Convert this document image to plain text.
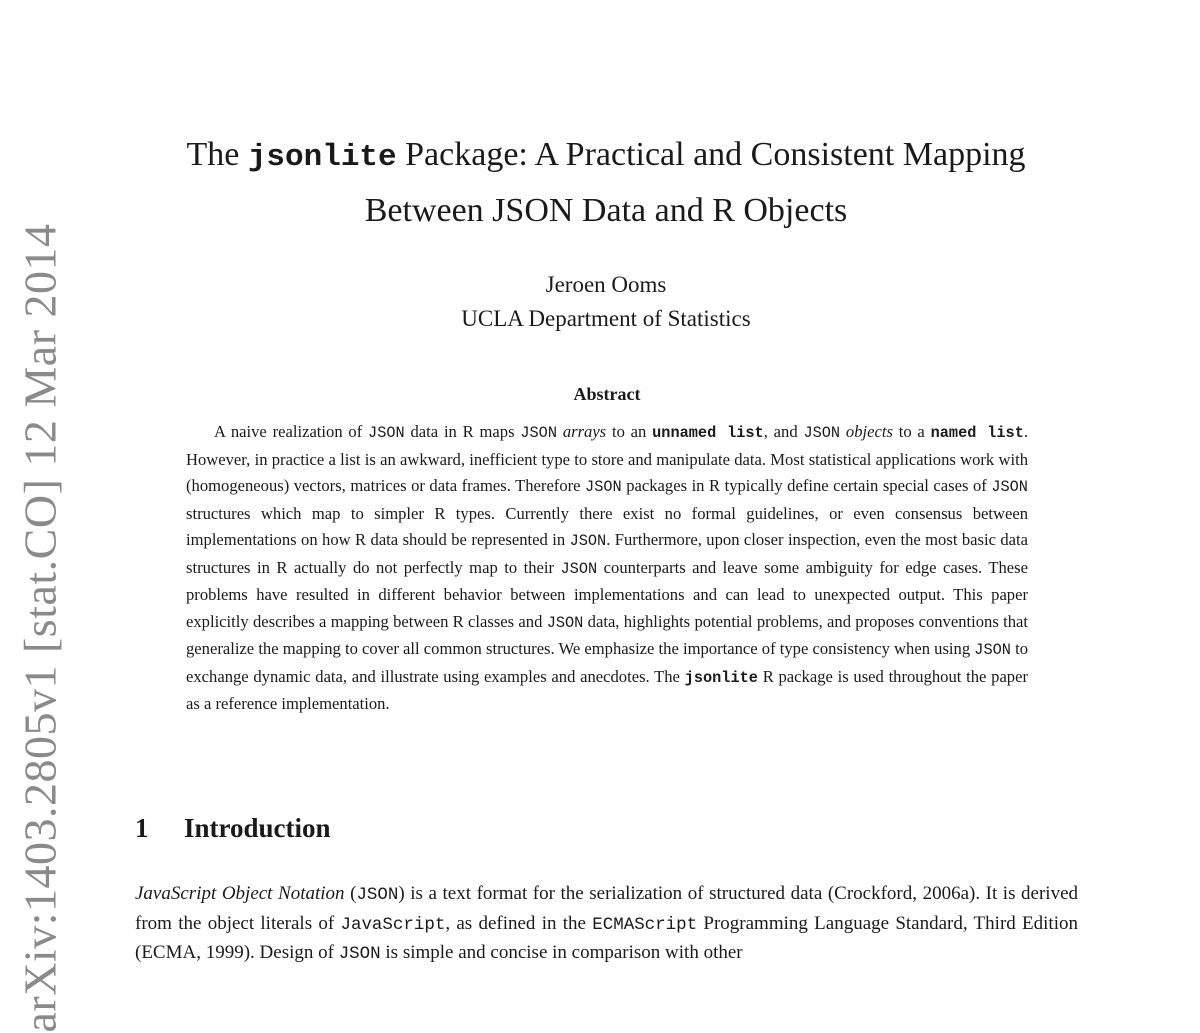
arXiv:1403.2805v1 [stat.CO] 12 Mar 2014
The jsonlite Package: A Practical and Consistent Mapping
Between JSON Data and R Objects
Jeroen Ooms
UCLA Department of Statistics
Abstract

A naive realization of JSON data in R maps JSON arrays to an unnamed list, and JSON objects to a named list. However, in practice a list is an awkward, inefficient type to store and manipulate data. Most statistical applications work with (homogeneous) vectors, matrices or data frames. Therefore JSON packages in R typically define certain special cases of JSON structures which map to simpler R types. Currently there exist no formal guidelines, or even consensus between implementations on how R data should be represented in JSON. Furthermore, upon closer inspection, even the most basic data structures in R actually do not perfectly map to their JSON counterparts and leave some ambiguity for edge cases. These problems have resulted in different behavior between implementations and can lead to unexpected output. This paper explicitly describes a mapping between R classes and JSON data, highlights potential problems, and proposes conventions that generalize the mapping to cover all common structures. We emphasize the importance of type consistency when using JSON to exchange dynamic data, and illustrate using examples and anecdotes. The jsonlite R package is used throughout the paper as a reference implementation.

1 Introduction

JavaScript Object Notation (JSON) is a text format for the serialization of structured data (Crockford, 2006a). It is derived from the object literals of JavaScript, as defined in the ECMAScript Programming Language Standard, Third Edition (ECMA, 1999). Design of JSON is simple and concise in comparison with other
